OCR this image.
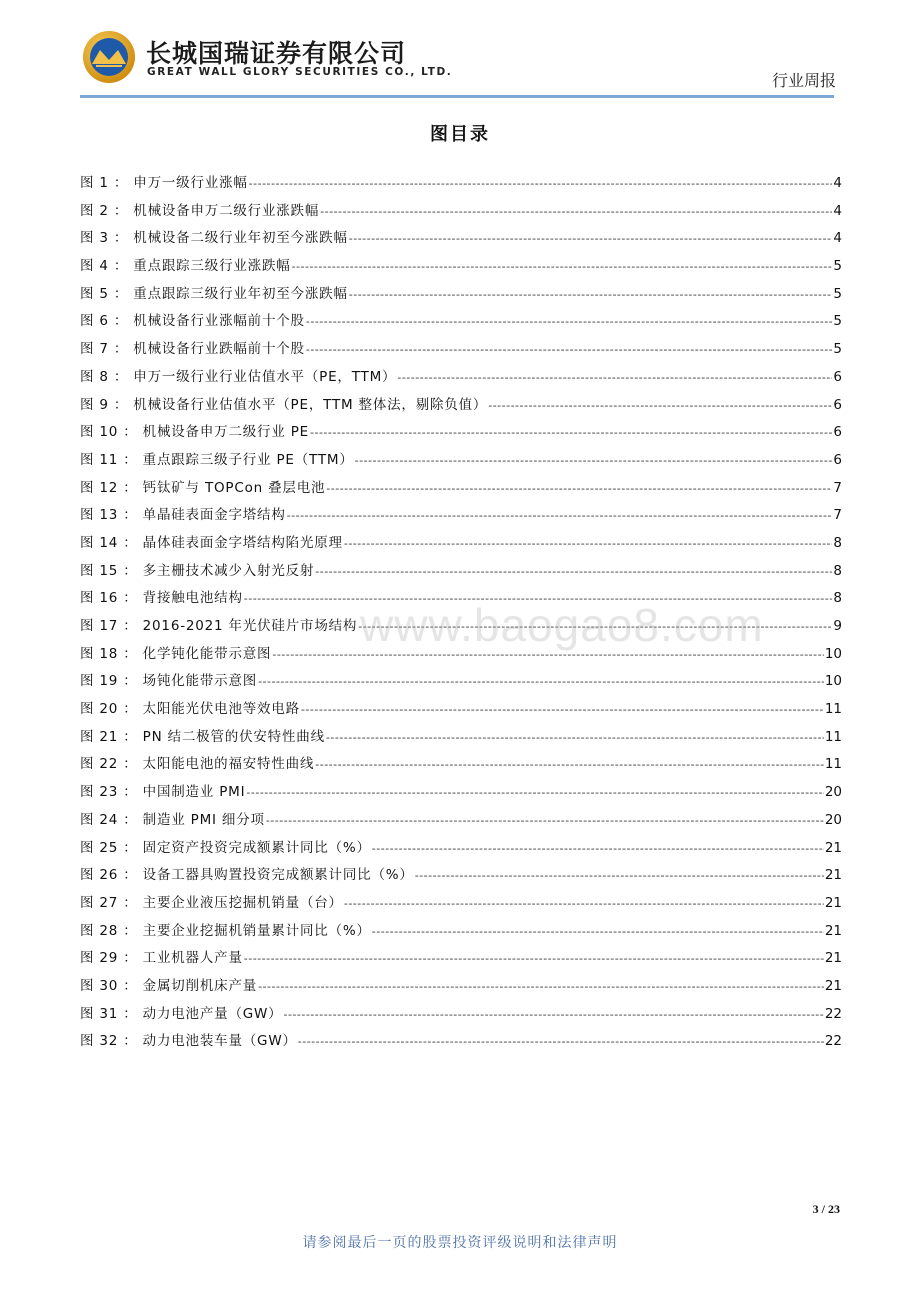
长城国瑞证券有限公司
GREAT WALL GLORY SECURITIES CO., LTD.	行业周报
图目录
图 1 ： 申万一级行业涨幅 -----	4
图 2 ： 机械设备申万二级行业涨跌幅 -----	4
图 3 ： 机械设备二级行业年初至今涨跌幅 -----	4
图 4 ： 重点跟踪三级行业涨跌幅 -----	5
图 5 ： 重点跟踪三级行业年初至今涨跌幅 -----	5
图 6 ： 机械设备行业涨幅前十个股 -----	5
图 7 ： 机械设备行业跌幅前十个股 -----	5
图 8 ： 申万一级行业行业估值水平（PE，TTM） -----	6
图 9 ： 机械设备行业估值水平（PE，TTM 整体法，剔除负值） -----	6
图 10 ： 机械设备申万二级行业 PE -----	6
图 11 ： 重点跟踪三级子行业 PE（TTM） -----	6
图 12 ： 钙钛矿与 TOPCon 叠层电池 -----	7
图 13 ： 单晶硅表面金字塔结构 -----	7
图 14 ： 晶体硅表面金字塔结构陷光原理 -----	8
图 15 ： 多主栅技术减少入射光反射 -----	8
图 16 ： 背接触电池结构 -----	8
图 17 ： 2016-2021 年光伏硅片市场结构 -----	9
图 18 ： 化学钝化能带示意图 -----	10
图 19 ： 场钝化能带示意图 -----	10
图 20 ： 太阳能光伏电池等效电路 -----	11
图 21 ： PN 结二极管的伏安特性曲线 -----	11
图 22 ： 太阳能电池的福安特性曲线 -----	11
图 23 ： 中国制造业 PMI -----	20
图 24 ： 制造业 PMI 细分项 -----	20
图 25 ： 固定资产投资完成额累计同比（%） -----	21
图 26 ： 设备工器具购置投资完成额累计同比（%） -----	21
图 27 ： 主要企业液压挖掘机销量（台） -----	21
图 28 ： 主要企业挖掘机销量累计同比（%） -----	21
图 29 ： 工业机器人产量 -----	21
图 30 ： 金属切削机床产量 -----	21
图 31 ： 动力电池产量（GW） -----	22
图 32 ： 动力电池装车量（GW） -----	22
www.baogao8.com
3 / 23
请参阅最后一页的股票投资评级说明和法律声明
